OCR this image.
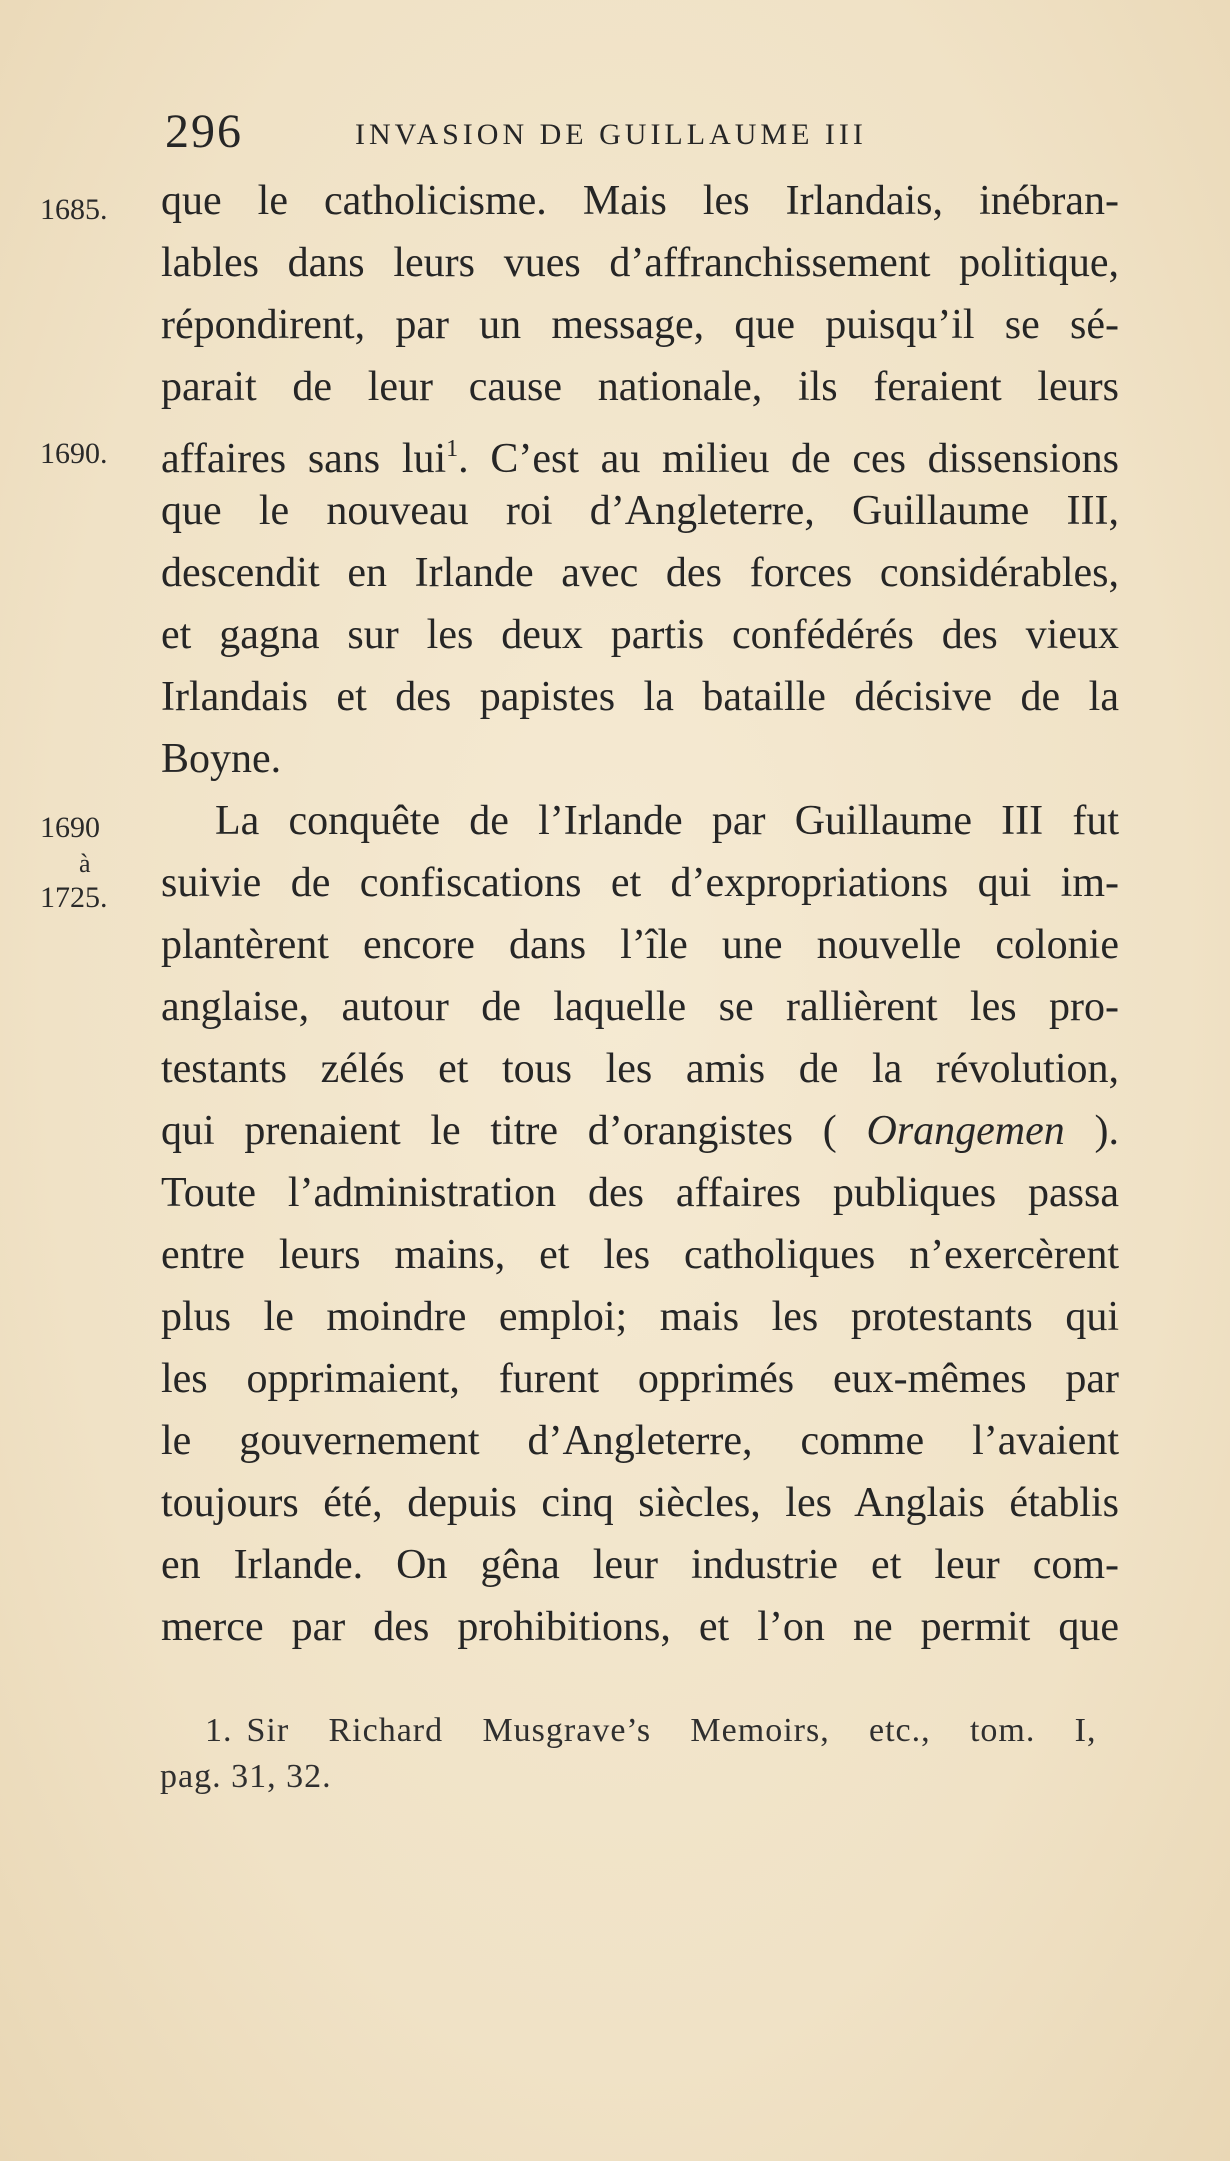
296	INVASION DE GUILLAUME III
1685.
1690.
1690
à
1725.
que le catholicisme. Mais les Irlandais, inébran-
lables dans leurs vues d’affranchissement politique,
répondirent, par un message, que puisqu’il se sé-
parait de leur cause nationale, ils feraient leurs
affaires sans lui$^1$. C’est au milieu de ces dissensions
que le nouveau roi d’Angleterre, Guillaume III,
descendit en Irlande avec des forces considérables,
et gagna sur les deux partis confédérés des vieux
Irlandais et des papistes la bataille décisive de la
Boyne.
La conquête de l’Irlande par Guillaume III fut
suivie de confiscations et d’expropriations qui im-
plantèrent encore dans l’île une nouvelle colonie
anglaise, autour de laquelle se rallièrent les pro-
testants zélés et tous les amis de la révolution,
qui prenaient le titre d’orangistes ( Orangemen ).
Toute l’administration des affaires publiques passa
entre leurs mains, et les catholiques n’exercèrent
plus le moindre emploi; mais les protestants qui
les opprimaient, furent opprimés eux-mêmes par
le gouvernement d’Angleterre, comme l’avaient
toujours été, depuis cinq siècles, les Anglais établis
en Irlande. On gêna leur industrie et leur com-
merce par des prohibitions, et l’on ne permit que
1. Sir Richard Musgrave’s Memoirs, etc., tom. I,
pag. 31, 32.
